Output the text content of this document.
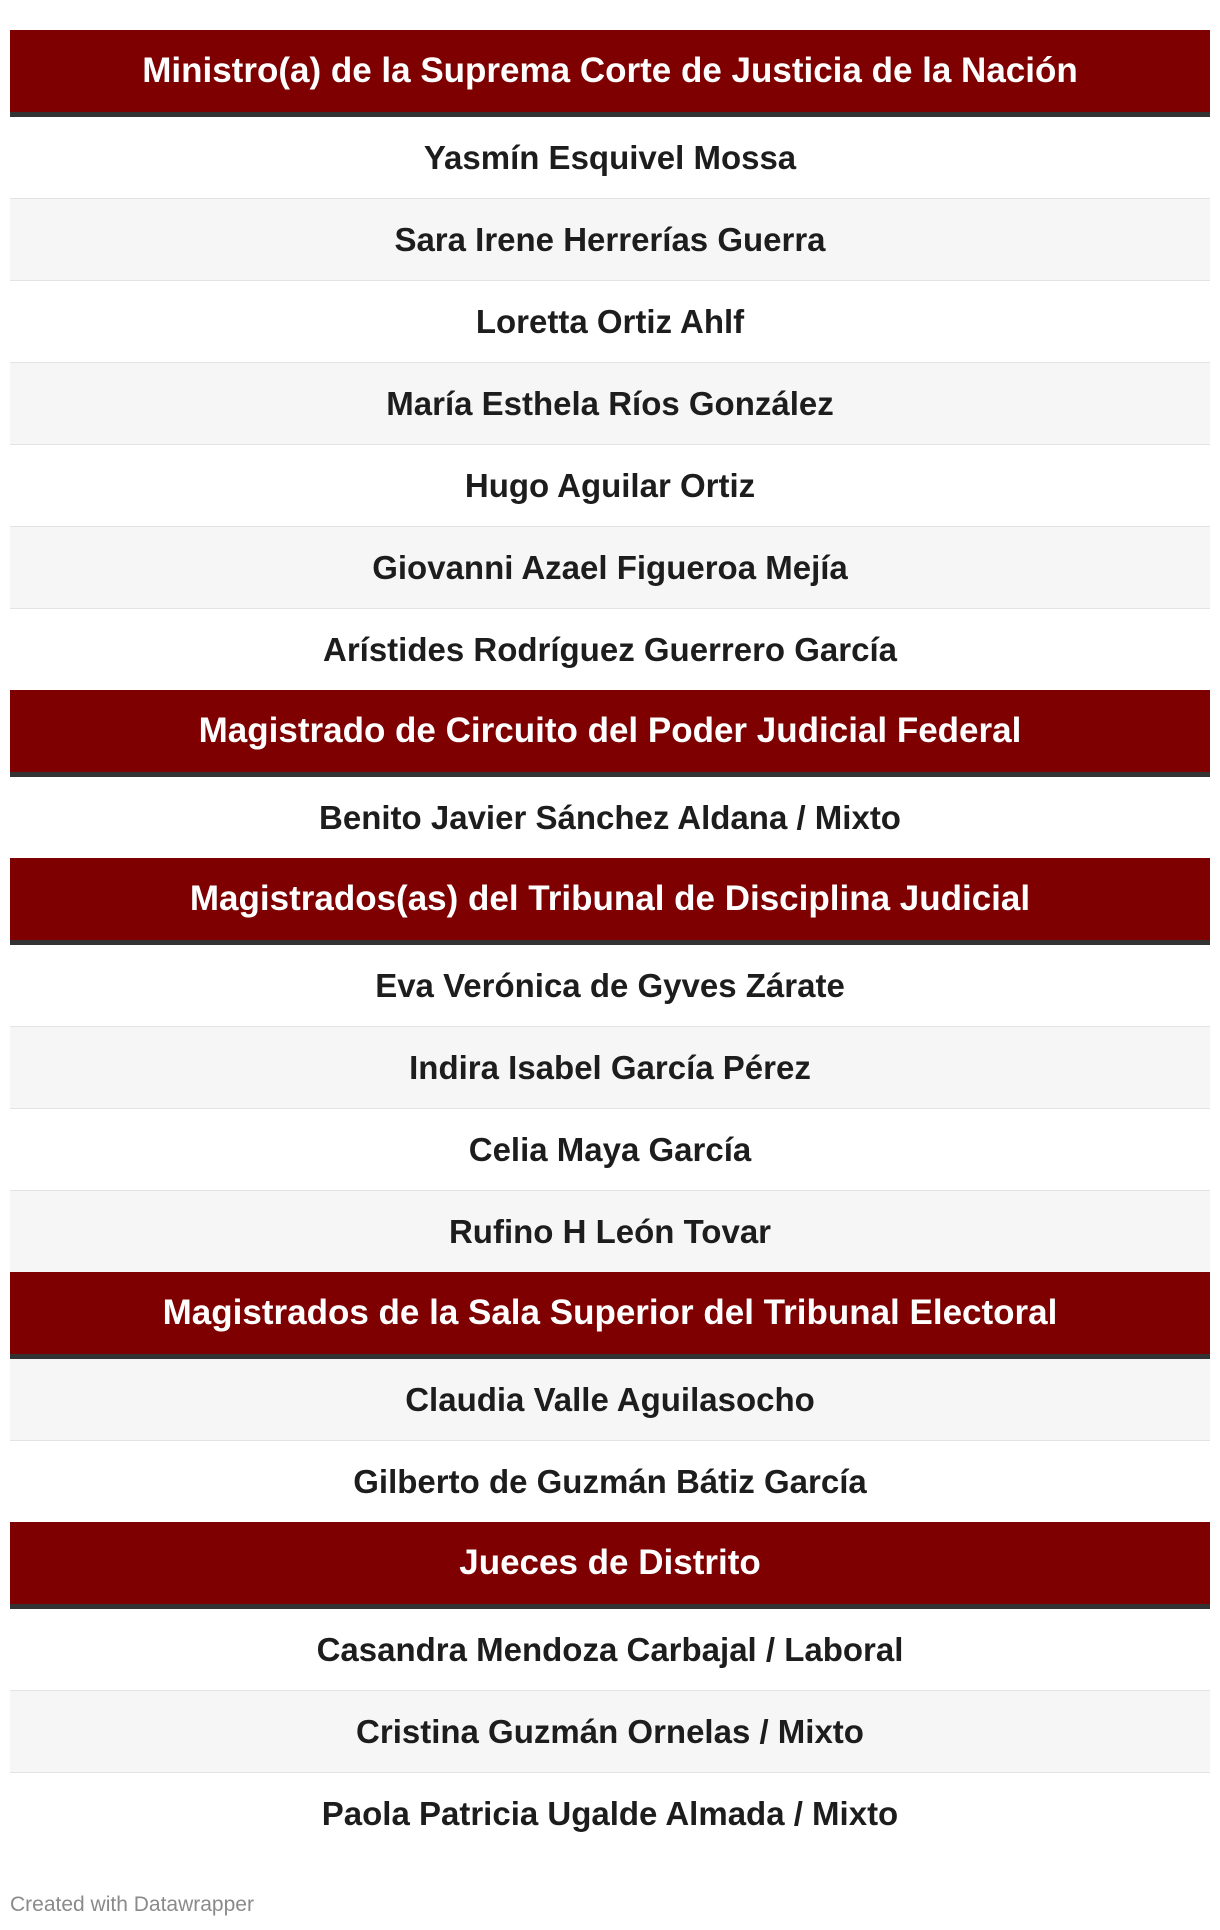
Ministro(a) de la Suprema Corte de Justicia de la Nación
Yasmín Esquivel Mossa
Sara Irene Herrerías Guerra
Loretta Ortiz Ahlf
María Esthela Ríos González
Hugo Aguilar Ortiz
Giovanni Azael Figueroa Mejía
Arístides Rodríguez Guerrero García
Magistrado de Circuito del Poder Judicial Federal
Benito Javier Sánchez Aldana / Mixto
Magistrados(as) del Tribunal de Disciplina Judicial
Eva Verónica de Gyves Zárate
Indira Isabel García Pérez
Celia Maya García
Rufino H León Tovar
Magistrados de la Sala Superior del Tribunal Electoral
Claudia Valle Aguilasocho
Gilberto de Guzmán Bátiz García
Jueces de Distrito
Casandra Mendoza Carbajal / Laboral
Cristina Guzmán Ornelas / Mixto
Paola Patricia Ugalde Almada / Mixto
Created with Datawrapper
